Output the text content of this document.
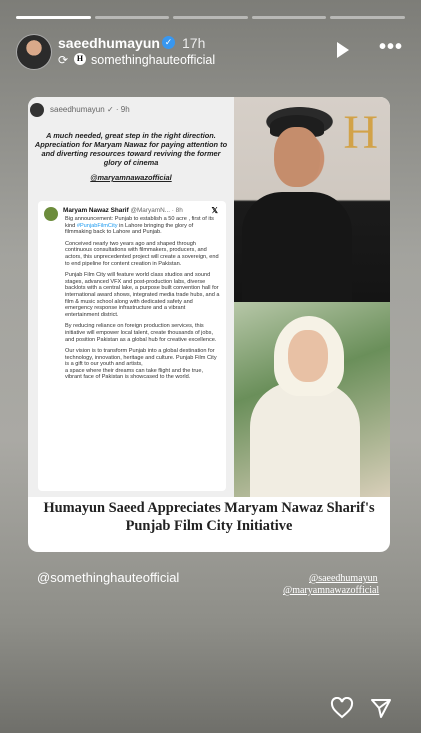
saeedhumayun ✓ 17h
⟳	H somethinghauteofficial
•••
saeedhumayun ✓ · 9h
A much needed, great step in the right direction. Appreciation for Maryam Nawaz for paying attention to and diverting resources toward reviving the former glory of cinema
@maryamnawazofficial
Maryam Nawaz Sharif @MaryamN... · 8h	𝕏

Big announcement: Punjab to establish a 50 acre , first of its kind #PunjabFilmCity in Lahore bringing the glory of filmmaking back to Lahore and Punjab.

Conceived nearly two years ago and shaped through continuous consultations with filmmakers, producers, and actors, this unprecedented project will create a sovereign, end to end pipeline for content creation in Pakistan.

Punjab Film City will feature world class studios and sound stages, advanced VFX and post-production labs, diverse backlots with a central lake, a purpose built convention hall for international award shows, integrated media trade hubs, and a film & music school along with dedicated safety and emergency response infrastructure and a vibrant entertainment district.

By reducing reliance on foreign production services, this initiative will empower local talent, create thousands of jobs, and position Pakistan as a global hub for creative excellence.

Our vision is to transform Punjab into a global destination for technology, innovation, heritage and culture. Punjab Film City is a gift to our youth and artists,
a space where their dreams can take flight and the true, vibrant face of Pakistan is showcased to the world.

H
Humayun Saeed Appreciates Maryam Nawaz Sharif's
Punjab Film City Initiative
@somethinghauteofficial	@saeedhumayun
@maryamnawazofficial
